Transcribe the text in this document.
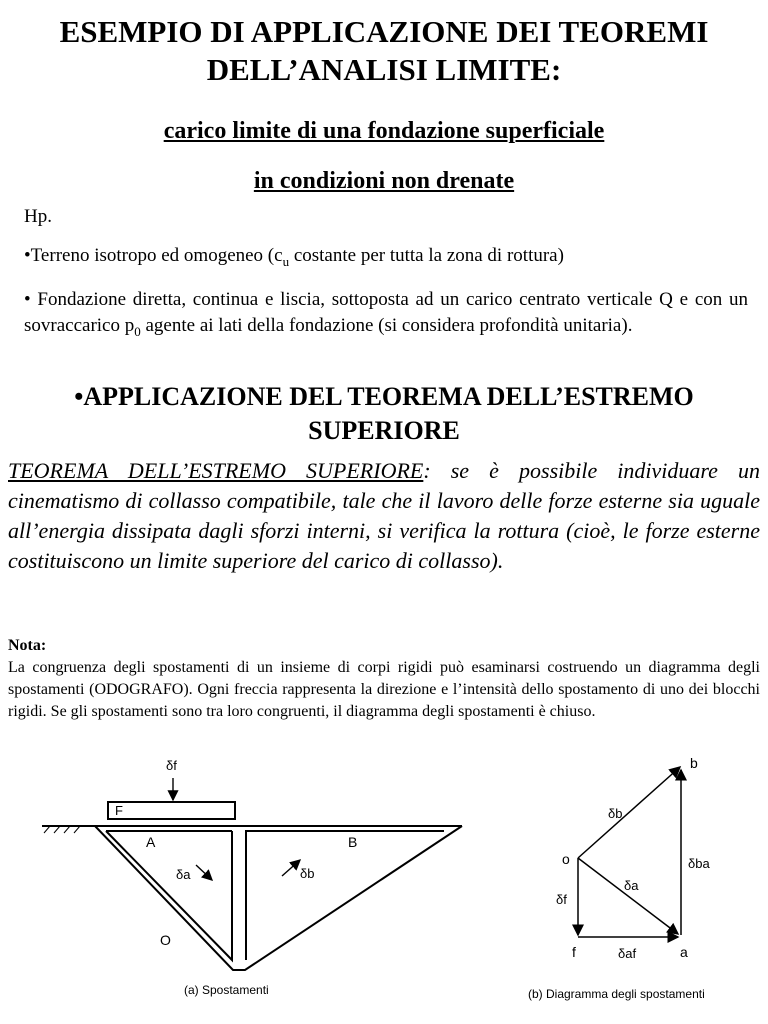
ESEMPIO DI APPLICAZIONE DEI TEOREMI
DELL’ANALISI LIMITE:
carico limite di una fondazione superficiale
in condizioni non drenate
Hp.
•Terreno isotropo ed omogeneo ($c_u$ costante per tutta la zona di rottura)
• Fondazione diretta, continua e liscia, sottoposta ad un carico centrato verticale Q e con un sovraccarico $p_0$ agente ai lati della fondazione (si considera profondità unitaria).
•APPLICAZIONE DEL TEOREMA DELL’ESTREMO
SUPERIORE
TEOREMA DELL’ESTREMO SUPERIORE: se è possibile individuare un cinematismo di collasso compatibile, tale che il lavoro delle forze esterne sia uguale all’energia dissipata dagli sforzi interni, si verifica la rottura (cioè, le forze esterne costituiscono un limite superiore del carico di collasso).
Nota:
La congruenza degli spostamenti di un insieme di corpi rigidi può esaminarsi costruendo un diagramma degli spostamenti (ODOGRAFO). Ogni freccia rappresenta la direzione e l’intensità dello spostamento di uno dei blocchi rigidi. Se gli spostamenti sono tra loro congruenti, il diagramma degli spostamenti è chiuso.
F
δf
A	B
δa	δb
O
(a) Spostamenti
b
o
f	a
δb
δba
δa
δf
δaf
(b) Diagramma degli spostamenti
